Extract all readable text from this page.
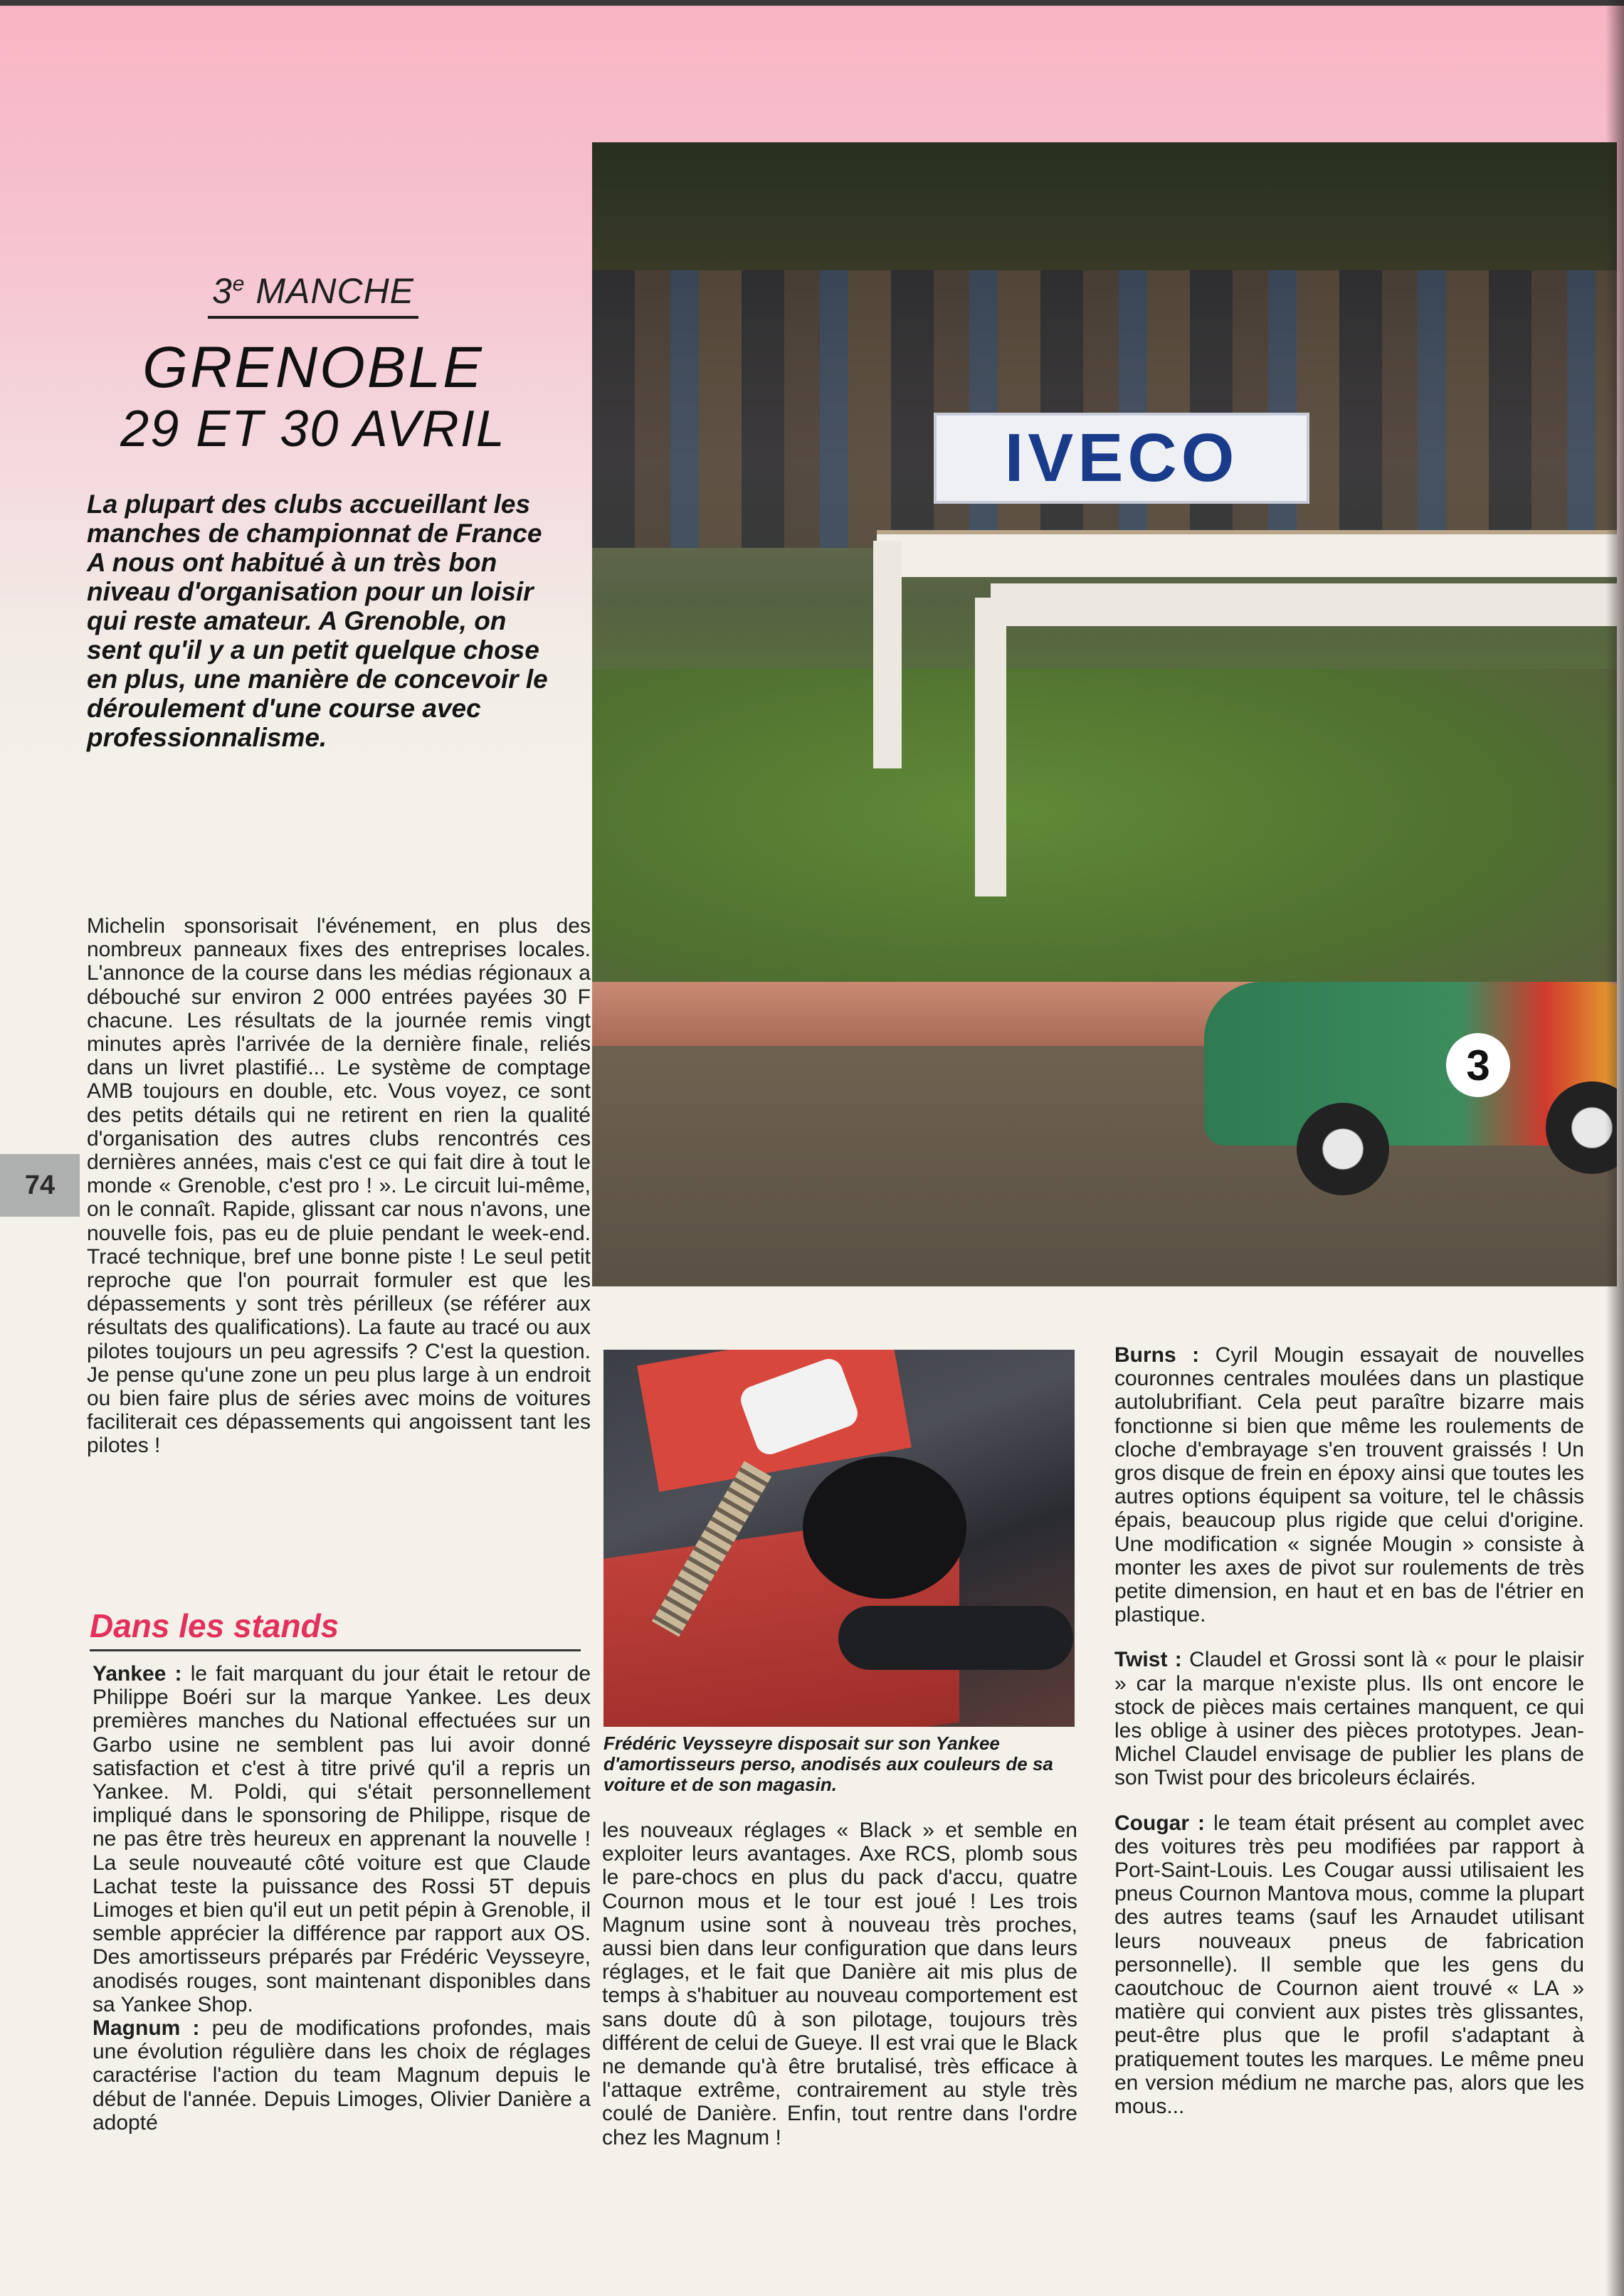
3e MANCHE
GRENOBLE
29 ET 30 AVRIL

La plupart des clubs accueillant les manches de championnat de France A nous ont habitué à un très bon niveau d'organisation pour un loisir qui reste amateur. A Grenoble, on sent qu'il y a un petit quelque chose en plus, une manière de concevoir le déroulement d'une course avec professionnalisme.

IVECO
3
74

Michelin sponsorisait l'événement, en plus des nombreux panneaux fixes des entreprises locales. L'annonce de la course dans les médias régionaux a débouché sur environ 2 000 entrées payées 30 F chacune. Les résultats de la journée remis vingt minutes après l'arrivée de la dernière finale, reliés dans un livret plastifié... Le système de comptage AMB toujours en double, etc. Vous voyez, ce sont des petits détails qui ne retirent en rien la qualité d'organisation des autres clubs rencontrés ces dernières années, mais c'est ce qui fait dire à tout le monde « Grenoble, c'est pro ! ». Le circuit lui-même, on le connaît. Rapide, glissant car nous n'avons, une nouvelle fois, pas eu de pluie pendant le week-end. Tracé technique, bref une bonne piste ! Le seul petit reproche que l'on pourrait formuler est que les dépassements y sont très périlleux (se référer aux résultats des qualifications). La faute au tracé ou aux pilotes toujours un peu agressifs ? C'est la question. Je pense qu'une zone un peu plus large à un endroit ou bien faire plus de séries avec moins de voitures faciliterait ces dépassements qui angoissent tant les pilotes !

Dans les stands

Yankee : le fait marquant du jour était le retour de Philippe Boéri sur la marque Yankee. Les deux premières manches du National effectuées sur un Garbo usine ne semblent pas lui avoir donné satisfaction et c'est à titre privé qu'il a repris un Yankee. M. Poldi, qui s'était personnellement impliqué dans le sponsoring de Philippe, risque de ne pas être très heureux en apprenant la nouvelle ! La seule nouveauté côté voiture est que Claude Lachat teste la puissance des Rossi 5T depuis Limoges et bien qu'il eut un petit pépin à Grenoble, il semble apprécier la différence par rapport aux OS. Des amortisseurs préparés par Frédéric Veysseyre, anodisés rouges, sont maintenant disponibles dans sa Yankee Shop.

Magnum : peu de modifications profondes, mais une évolution régulière dans les choix de réglages caractérise l'action du team Magnum depuis le début de l'année. Depuis Limoges, Olivier Danière a adopté

Frédéric Veysseyre disposait sur son Yankee d'amortisseurs perso, anodisés aux couleurs de sa voiture et de son magasin.

les nouveaux réglages « Black » et semble en exploiter leurs avantages. Axe RCS, plomb sous le pare-chocs en plus du pack d'accu, quatre Cournon mous et le tour est joué ! Les trois Magnum usine sont à nouveau très proches, aussi bien dans leur configuration que dans leurs réglages, et le fait que Danière ait mis plus de temps à s'habituer au nouveau comportement est sans doute dû à son pilotage, toujours très différent de celui de Gueye. Il est vrai que le Black ne demande qu'à être brutalisé, très efficace à l'attaque extrême, contrairement au style très coulé de Danière. Enfin, tout rentre dans l'ordre chez les Magnum !

Burns : Cyril Mougin essayait de nouvelles couronnes centrales moulées dans un plastique autolubrifiant. Cela peut paraître bizarre mais fonctionne si bien que même les roulements de cloche d'embrayage s'en trouvent graissés ! Un gros disque de frein en époxy ainsi que toutes les autres options équipent sa voiture, tel le châssis épais, beaucoup plus rigide que celui d'origine. Une modification « signée Mougin » consiste à monter les axes de pivot sur roulements de très petite dimension, en haut et en bas de l'étrier en plastique.

Twist : Claudel et Grossi sont là « pour le plaisir » car la marque n'existe plus. Ils ont encore le stock de pièces mais certaines manquent, ce qui les oblige à usiner des pièces prototypes. Jean-Michel Claudel envisage de publier les plans de son Twist pour des bricoleurs éclairés.

Cougar : le team était présent au complet avec des voitures très peu modifiées par rapport à Port-Saint-Louis. Les Cougar aussi utilisaient les pneus Cournon Mantova mous, comme la plupart des autres teams (sauf les Arnaudet utilisant leurs nouveaux pneus de fabrication personnelle). Il semble que les gens du caoutchouc de Cournon aient trouvé « LA » matière qui convient aux pistes très glissantes, peut-être plus que le profil s'adaptant à pratiquement toutes les marques. Le même pneu en version médium ne marche pas, alors que les mous...
